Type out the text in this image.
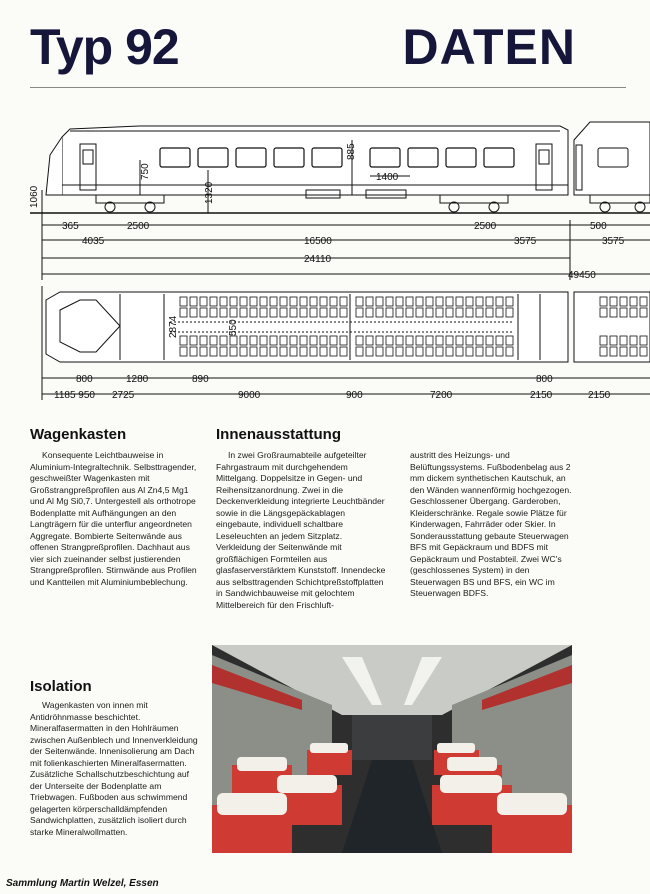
Typ 92	DATEN
885
750
1320
1060
1400
365	2500	2500	500
4035	16500	3575	3575
24110
49450
2874	550
800	1280	890	800
1185 950 2725	9000	900	7200	2150	2150
Wagenkasten

Konsequente Leichtbauweise in Aluminium-Integraltechnik. Selbsttragender, geschweißter Wagenkasten mit Großstrangpreßprofilen aus Al Zn4,5 Mg1 und Al Mg Si0,7. Untergestell als orthotrope Bodenplatte mit Aufhängungen an den Langträgern für die unterflur angeordneten Aggregate. Bombierte Seitenwände aus offenen Strangpreßprofilen. Dachhaut aus vier sich zueinander selbst justierenden Strangpreßprofilen. Stirnwände aus Profilen und Kantteilen mit Aluminiumbeblechung.

Innenausstattung

In zwei Großraumabteile aufgeteilter Fahrgastraum mit durchgehendem Mittelgang. Doppelsitze in Gegen- und Reihensitzanordnung. Zwei in die Deckenverkleidung integrierte Leuchtbänder sowie in die Längsgepäckablagen eingebaute, individuell schaltbare Leseleuchten an jedem Sitzplatz. Verkleidung der Seitenwände mit großflächigen Formteilen aus glasfaserverstärktem Kunststoff. Innendecke aus selbsttragenden Schichtpreßstoffplatten in Sandwichbauweise mit gelochtem Mittelbereich für den Frischluft-

austritt des Heizungs- und Belüftungssystems. Fußbodenbelag aus 2 mm dickem synthetischen Kautschuk, an den Wänden wannenförmig hochgezogen. Geschlossener Übergang. Garderoben, Kleiderschränke. Regale sowie Plätze für Kinderwagen, Fahrräder oder Skier. In Sonderausstattung gebaute Steuerwagen BFS mit Gepäckraum und BDFS mit Gepäckraum und Postabteil. Zwei WC's (geschlossenes System) in den Steuerwagen BS und BFS, ein WC im Steuerwagen BDFS.

Isolation

Wagenkasten von innen mit Antidröhnmasse beschichtet. Mineralfasermatten in den Hohlräumen zwischen Außenblech und Innenverkleidung der Seitenwände. Innenisolierung am Dach mit folienkaschierten Mineralfasermatten. Zusätzliche Schallschutzbeschichtung auf der Unterseite der Bodenplatte am Triebwagen. Fußboden aus schwimmend gelagerten körperschalldämpfenden Sandwichplatten, zusätzlich isoliert durch starke Mineralwollmatten.

Sammlung Martin Welzel, Essen
